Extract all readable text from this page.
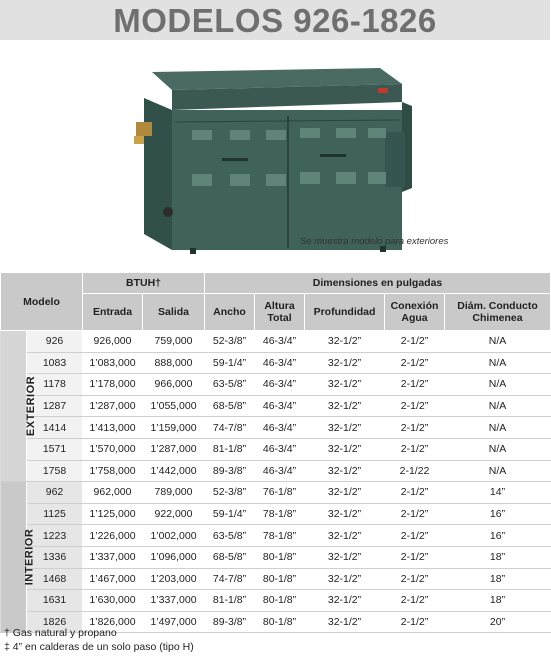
MODELOS 926-1826
Se muestra modelo para exteriores
Modelo		BTUH†		Dimensiones en pulgadas				
		Entrada	Salida	Ancho	Altura Total	Profundidad	Conexión Agua	Diám. Conducto Chimenea
EXTERIOR	926	926,000	759,000	52-3/8”	46-3/4”	32-1/2”	2-1/2”	N/A
	1083	1’083,000	888,000	59-1/4”	46-3/4”	32-1/2”	2-1/2”	N/A
	1178	1’178,000	966,000	63-5/8”	46-3/4”	32-1/2”	2-1/2”	N/A
	1287	1’287,000	1’055,000	68-5/8”	46-3/4”	32-1/2”	2-1/2”	N/A
	1414	1’413,000	1’159,000	74-7/8”	46-3/4”	32-1/2”	2-1/2”	N/A
	1571	1’570,000	1’287,000	81-1/8”	46-3/4”	32-1/2”	2-1/2”	N/A
	1758	1’758,000	1’442,000	89-3/8”	46-3/4”	32-1/2”	2-1/22	N/A
INTERIOR	962	962,000	789,000	52-3/8”	76-1/8”	32-1/2”	2-1/2”	14”
	1125	1’125,000	922,000	59-1/4”	78-1/8”	32-1/2”	2-1/2”	16”
	1223	1’226,000	1’002,000	63-5/8”	78-1/8”	32-1/2”	2-1/2”	16”
	1336	1’337,000	1’096,000	68-5/8”	80-1/8”	32-1/2”	2-1/2”	18”
	1468	1’467,000	1’203,000	74-7/8”	80-1/8”	32-1/2”	2-1/2”	18”
	1631	1’630,000	1’337,000	81-1/8”	80-1/8”	32-1/2”	2-1/2”	18”
	1826	1’826,000	1’497,000	89-3/8”	80-1/8”	32-1/2”	2-1/2”	20”
† Gas natural y propano
‡ 4” en calderas de un solo paso (tipo H)
